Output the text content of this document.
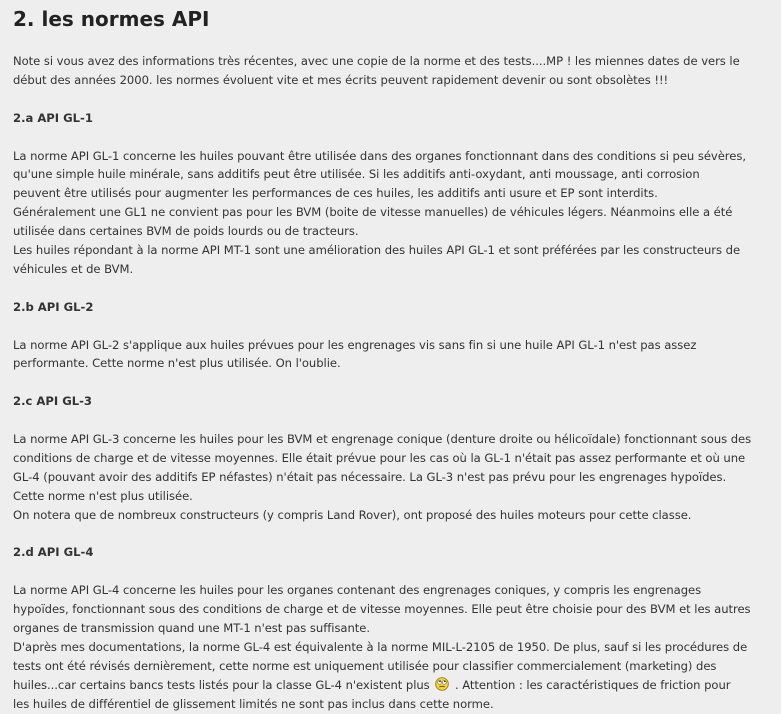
2. les normes API

Note si vous avez des informations très récentes, avec une copie de la norme et des tests....MP ! les miennes dates de vers le
début des années 2000. les normes évoluent vite et mes écrits peuvent rapidement devenir ou sont obsolètes !!!

2.a API GL-1

La norme API GL-1 concerne les huiles pouvant être utilisée dans des organes fonctionnant dans des conditions si peu sévères,
qu'une simple huile minérale, sans additifs peut être utilisée. Si les additifs anti-oxydant, anti moussage, anti corrosion
peuvent être utilisés pour augmenter les performances de ces huiles, les additifs anti usure et EP sont interdits.
Généralement une GL1 ne convient pas pour les BVM (boite de vitesse manuelles) de véhicules légers. Néanmoins elle a été
utilisée dans certaines BVM de poids lourds ou de tracteurs.
Les huiles répondant à la norme API MT-1 sont une amélioration des huiles API GL-1 et sont préférées par les constructeurs de
véhicules et de BVM.

2.b API GL-2

La norme API GL-2 s'applique aux huiles prévues pour les engrenages vis sans fin si une huile API GL-1 n'est pas assez
performante. Cette norme n'est plus utilisée. On l'oublie.

2.c API GL-3

La norme API GL-3 concerne les huiles pour les BVM et engrenage conique (denture droite ou hélicoïdale) fonctionnant sous des
conditions de charge et de vitesse moyennes. Elle était prévue pour les cas où la GL-1 n'était pas assez performante et où une
GL-4 (pouvant avoir des additifs EP néfastes) n'était pas nécessaire. La GL-3 n'est pas prévu pour les engrenages hypoïdes.
Cette norme n'est plus utilisée.
On notera que de nombreux constructeurs (y compris Land Rover), ont proposé des huiles moteurs pour cette classe.

2.d API GL-4

La norme API GL-4 concerne les huiles pour les organes contenant des engrenages coniques, y compris les engrenages
hypoïdes, fonctionnant sous des conditions de charge et de vitesse moyennes. Elle peut être choisie pour des BVM et les autres
organes de transmission quand une MT-1 n'est pas suffisante.
D'après mes documentations, la norme GL-4 est équivalente à la norme MIL-L-2105 de 1950. De plus, sauf si les procédures de
tests ont été révisés dernièrement, cette norme est uniquement utilisée pour classifier commercialement (marketing) des
huiles...car certains bancs tests listés pour la classe GL-4 n'existent plus . Attention : les caractéristiques de friction pour
les huiles de différentiel de glissement limités ne sont pas inclus dans cette norme.
